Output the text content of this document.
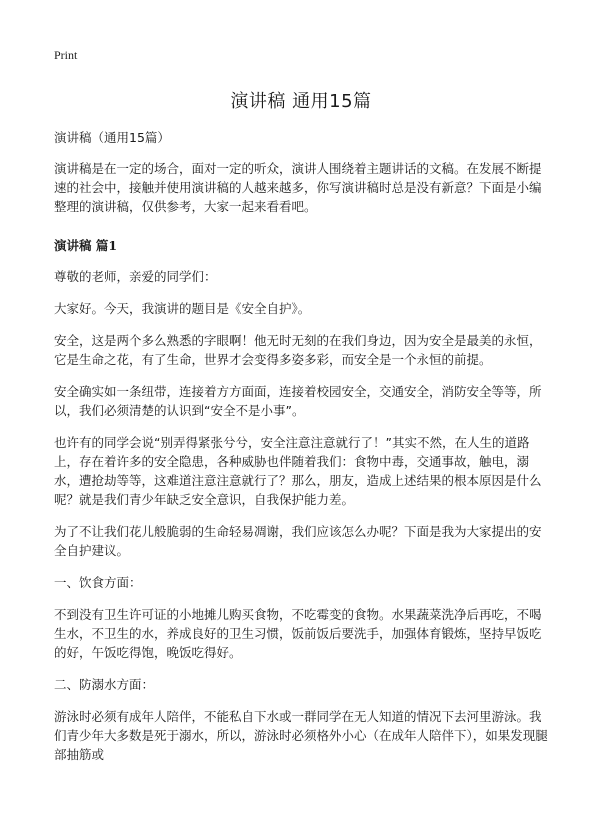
Print
演讲稿 通用15篇
演讲稿（通用15篇）

演讲稿是在一定的场合，面对一定的听众，演讲人围绕着主题讲话的文稿。在发展不断提速的社会中，接触并使用演讲稿的人越来越多，你写演讲稿时总是没有新意？下面是小编整理的演讲稿，仅供参考，大家一起来看看吧。

演讲稿 篇1

尊敬的老师，亲爱的同学们：

大家好。今天，我演讲的题目是《安全自护》。

安全，这是两个多么熟悉的字眼啊！他无时无刻的在我们身边，因为安全是最美的永恒，它是生命之花，有了生命，世界才会变得多姿多彩，而安全是一个永恒的前提。

安全确实如一条纽带，连接着方方面面，连接着校园安全，交通安全，消防安全等等，所以，我们必须清楚的认识到“安全不是小事”。

也许有的同学会说“别弄得紧张兮兮，安全注意注意就行了！”其实不然，在人生的道路上，存在着许多的安全隐患，各种威胁也伴随着我们：食物中毒，交通事故，触电，溺水，遭抢劫等等，这难道注意注意就行了？那么，朋友，造成上述结果的根本原因是什么呢？就是我们青少年缺乏安全意识，自我保护能力差。

为了不让我们花儿般脆弱的生命轻易凋谢，我们应该怎么办呢？下面是我为大家提出的安全自护建议。

一、饮食方面：

不到没有卫生许可证的小地摊儿购买食物，不吃霉变的食物。水果蔬菜洗净后再吃，不喝生水，不卫生的水，养成良好的卫生习惯，饭前饭后要洗手，加强体育锻炼，坚持早饭吃的好，午饭吃得饱，晚饭吃得好。

二、防溺水方面：

游泳时必须有成年人陪伴，不能私自下水或一群同学在无人知道的情况下去河里游泳。我们青少年大多数是死于溺水，所以，游泳时必须格外小心（在成年人陪伴下），如果发现腿部抽筋或
